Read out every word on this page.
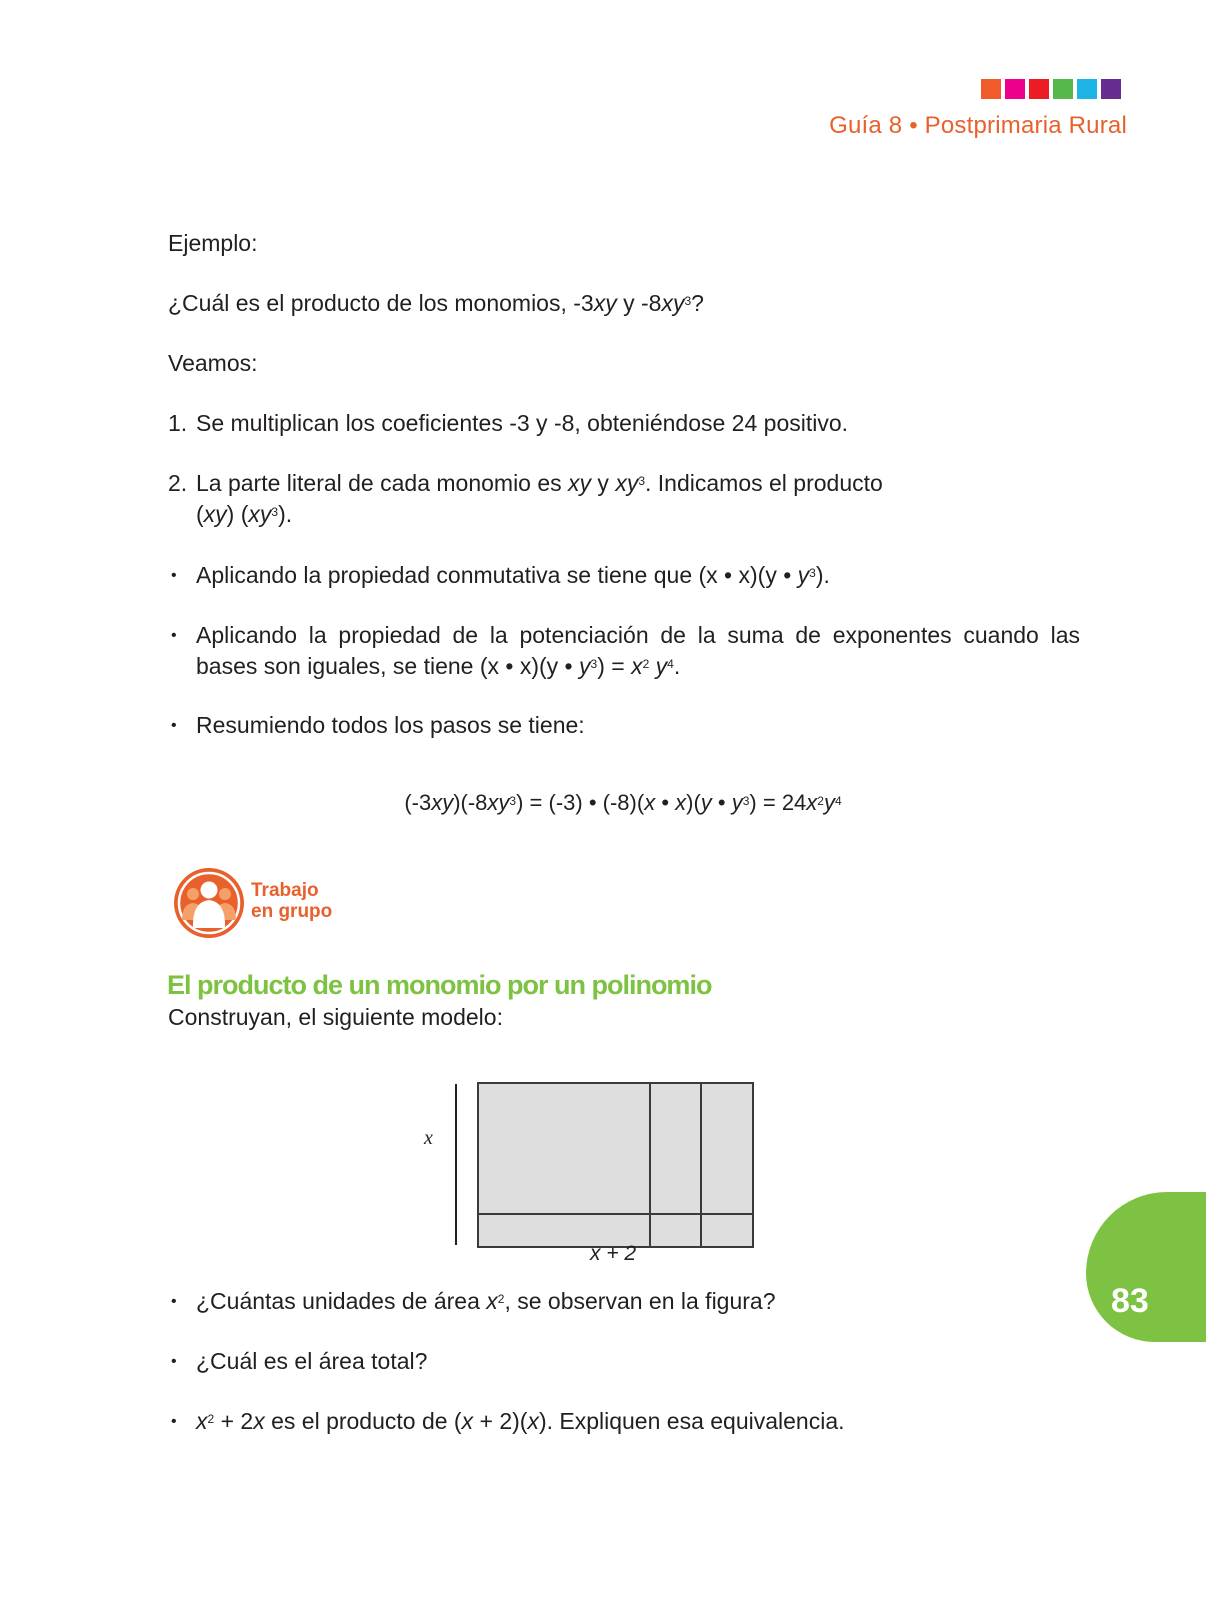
Guía 8 • Postprimaria Rural
Ejemplo:
¿Cuál es el producto de los monomios, -3xy y $-8xy^3$?
Veamos:
1. Se multiplican los coeficientes -3 y -8, obteniéndose 24 positivo.
2. La parte literal de cada monomio es xy y $xy^3$. Indicamos el producto
(xy) $(xy^3)$.
• Aplicando la propiedad conmutativa se tiene que (x • x)(y • $y^3$).
• Aplicando la propiedad de la potenciación de la suma de exponentes cuando las bases son iguales, se tiene (x • x)(y • $y^3) = x^2$ $y^4$.
• Resumiendo todos los pasos se tiene:
$(-3xy)(-8xy^3) = (-3)$ • (-8)(x • x)(y • $y^3) = 24x^2y^4$
Trabajo
en grupo
El producto de un monomio por un polinomio
Construyan, el siguiente modelo:
x
x + 2
• ¿Cuántas unidades de área $x^2$, se observan en la figura?
• ¿Cuál es el área total?
• $x^2 + 2x$ es el producto de (x + 2)(x). Expliquen esa equivalencia.
83
